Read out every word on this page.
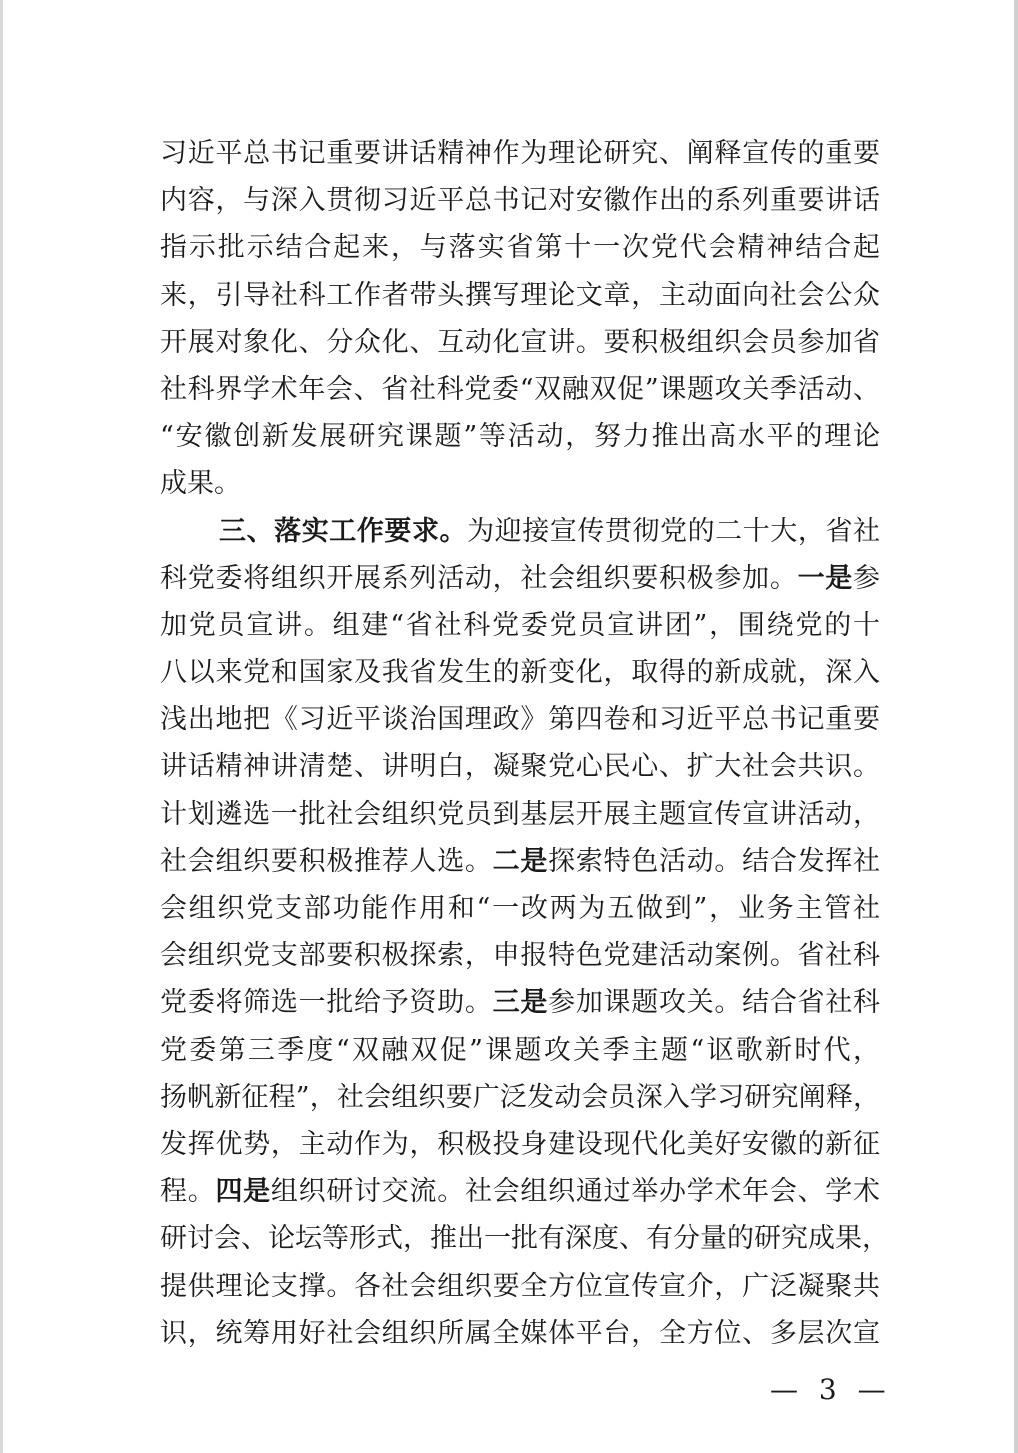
习近平总书记重要讲话精神作为理论研究、阐释宣传的重要
内容，与深入贯彻习近平总书记对安徽作出的系列重要讲话
指示批示结合起来，与落实省第十一次党代会精神结合起
来，引导社科工作者带头撰写理论文章，主动面向社会公众
开展对象化、分众化、互动化宣讲。要积极组织会员参加省
社科界学术年会、省社科党委“双融双促”课题攻关季活动、
“安徽创新发展研究课题”等活动，努力推出高水平的理论
成果。
三、落实工作要求。为迎接宣传贯彻党的二十大，省社
科党委将组织开展系列活动，社会组织要积极参加。一是参
加党员宣讲。组建“省社科党委党员宣讲团”，围绕党的十
八以来党和国家及我省发生的新变化，取得的新成就，深入
浅出地把《习近平谈治国理政》第四卷和习近平总书记重要
讲话精神讲清楚、讲明白，凝聚党心民心、扩大社会共识。
计划遴选一批社会组织党员到基层开展主题宣传宣讲活动，
社会组织要积极推荐人选。二是探索特色活动。结合发挥社
会组织党支部功能作用和“一改两为五做到”，业务主管社
会组织党支部要积极探索，申报特色党建活动案例。省社科
党委将筛选一批给予资助。三是参加课题攻关。结合省社科
党委第三季度“双融双促”课题攻关季主题“讴歌新时代，
扬帆新征程”，社会组织要广泛发动会员深入学习研究阐释，
发挥优势，主动作为，积极投身建设现代化美好安徽的新征
程。四是组织研讨交流。社会组织通过举办学术年会、学术
研讨会、论坛等形式，推出一批有深度、有分量的研究成果，
提供理论支撑。各社会组织要全方位宣传宣介，广泛凝聚共
识，统筹用好社会组织所属全媒体平台，全方位、多层次宣
— 3 —
